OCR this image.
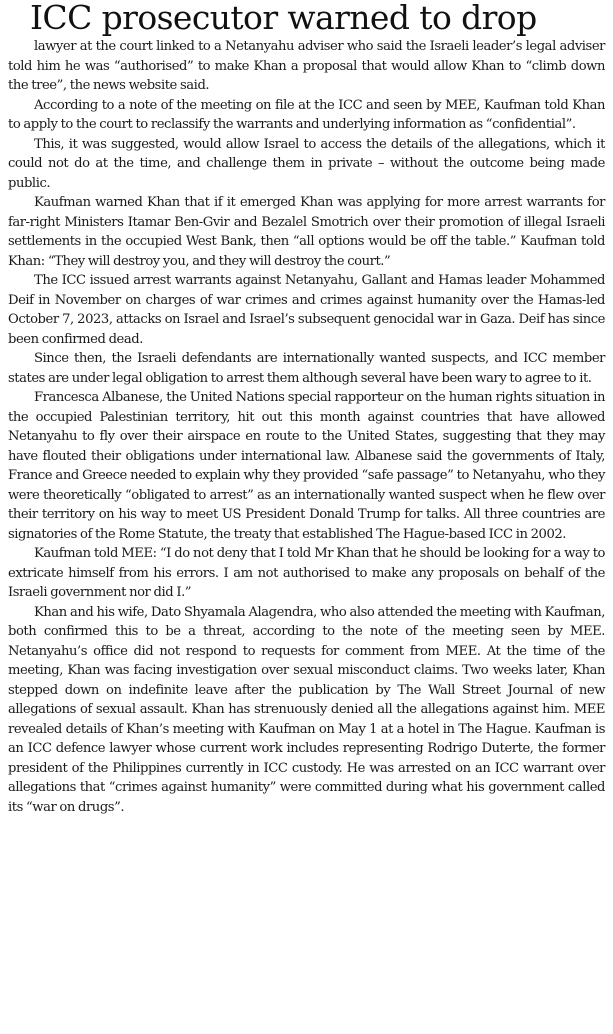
ICC prosecutor warned to drop

lawyer at the court linked to a Netanyahu adviser who said the Israeli leader’s legal adviser told him he was “authorised” to make Khan a proposal that would allow Khan to “climb down the tree”, the news website said.

According to a note of the meeting on file at the ICC and seen by MEE, Kaufman told Khan to apply to the court to reclassify the warrants and underlying information as “confidential”.

This, it was suggested, would allow Israel to access the details of the allegations, which it could not do at the time, and challenge them in private – without the outcome being made public.

Kaufman warned Khan that if it emerged Khan was applying for more arrest warrants for far-right Ministers Itamar Ben-Gvir and Bezalel Smotrich over their promotion of illegal Israeli settlements in the occupied West Bank, then “all options would be off the table.” Kaufman told Khan: “They will destroy you, and they will destroy the court.”

The ICC issued arrest warrants against Netanyahu, Gallant and Hamas leader Mohammed Deif in November on charges of war crimes and crimes against humanity over the Hamas-led October 7, 2023, attacks on Israel and Israel’s subsequent genocidal war in Gaza. Deif has since been confirmed dead.

Since then, the Israeli defendants are internationally wanted suspects, and ICC member states are under legal obligation to arrest them although several have been wary to agree to it.

Francesca Albanese, the United Nations special rapporteur on the human rights situation in the occupied Palestinian territory, hit out this month against countries that have allowed Netanyahu to fly over their airspace en route to the United States, suggesting that they may have flouted their obligations under international law. Albanese said the governments of Italy, France and Greece needed to explain why they provided “safe passage” to Netanyahu, who they were theoretically “obligated to arrest” as an internationally wanted suspect when he flew over their territory on his way to meet US President Donald Trump for talks. All three countries are signatories of the Rome Statute, the treaty that established The Hague-based ICC in 2002.

Kaufman told MEE: “I do not deny that I told Mr Khan that he should be looking for a way to extricate himself from his errors. I am not authorised to make any proposals on behalf of the Israeli government nor did I.”

Khan and his wife, Dato Shyamala Alagendra, who also attended the meeting with Kaufman, both confirmed this to be a threat, according to the note of the meeting seen by MEE. Netanyahu’s office did not respond to requests for comment from MEE. At the time of the meeting, Khan was facing investigation over sexual misconduct claims. Two weeks later, Khan stepped down on indefinite leave after the publication by The Wall Street Journal of new allegations of sexual assault. Khan has strenuously denied all the allegations against him. MEE revealed details of Khan’s meeting with Kaufman on May 1 at a hotel in The Hague. Kaufman is an ICC defence lawyer whose current work includes representing Rodrigo Duterte, the former president of the Philippines currently in ICC custody. He was arrested on an ICC warrant over allegations that “crimes against humanity” were committed during what his government called its “war on drugs”.
